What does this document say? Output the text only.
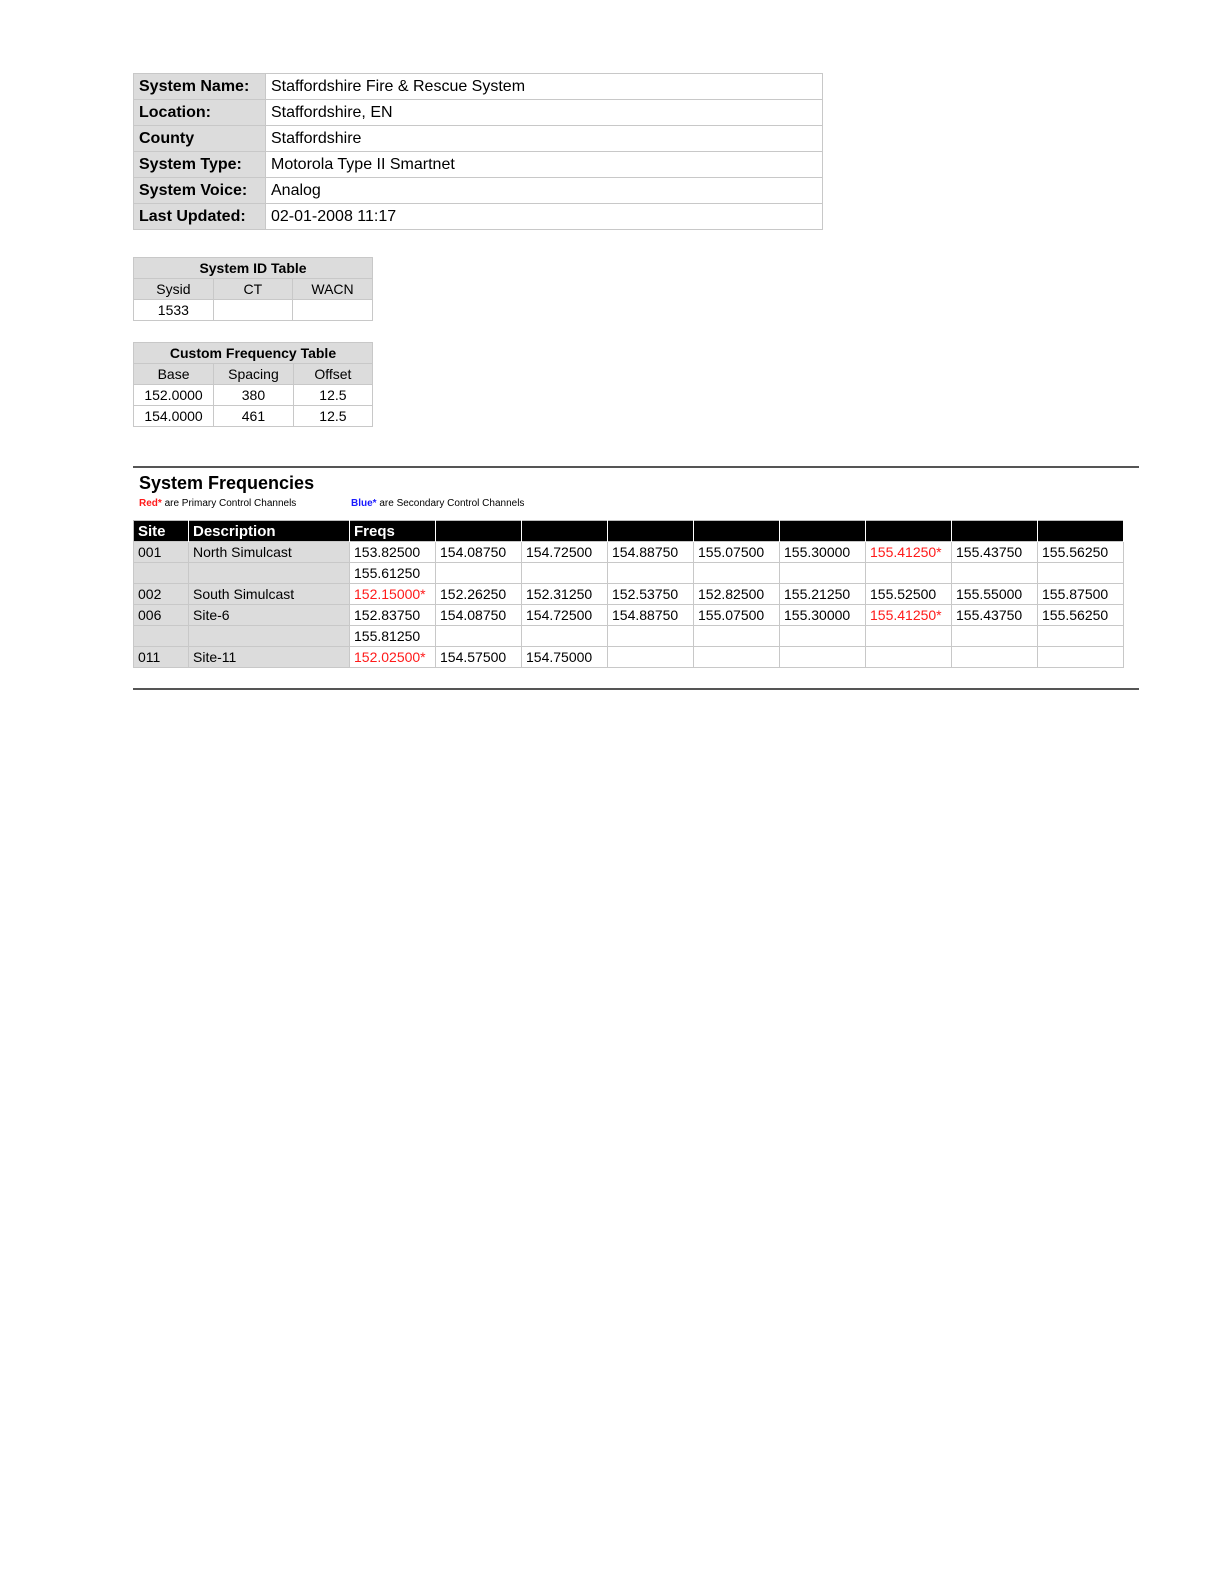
System Name:	Staffordshire Fire & Rescue System
Location:	Staffordshire, EN
County	Staffordshire
System Type:	Motorola Type II Smartnet
System Voice:	Analog
Last Updated:	02-01-2008 11:17
System ID Table		
Sysid	CT	WACN
1533		
Custom Frequency Table		
Base	Spacing	Offset
152.0000	380	12.5
154.0000	461	12.5
System Frequencies
Red* are Primary Control Channels	Blue* are Secondary Control Channels
Site	Description	Freqs								
001	North Simulcast	153.82500	154.08750	154.72500	154.88750	155.07500	155.30000	155.41250*	155.43750	155.56250
		155.61250								
002	South Simulcast	152.15000*	152.26250	152.31250	152.53750	152.82500	155.21250	155.52500	155.55000	155.87500
006	Site-6	152.83750	154.08750	154.72500	154.88750	155.07500	155.30000	155.41250*	155.43750	155.56250
		155.81250								
011	Site-11	152.02500*	154.57500	154.75000						
